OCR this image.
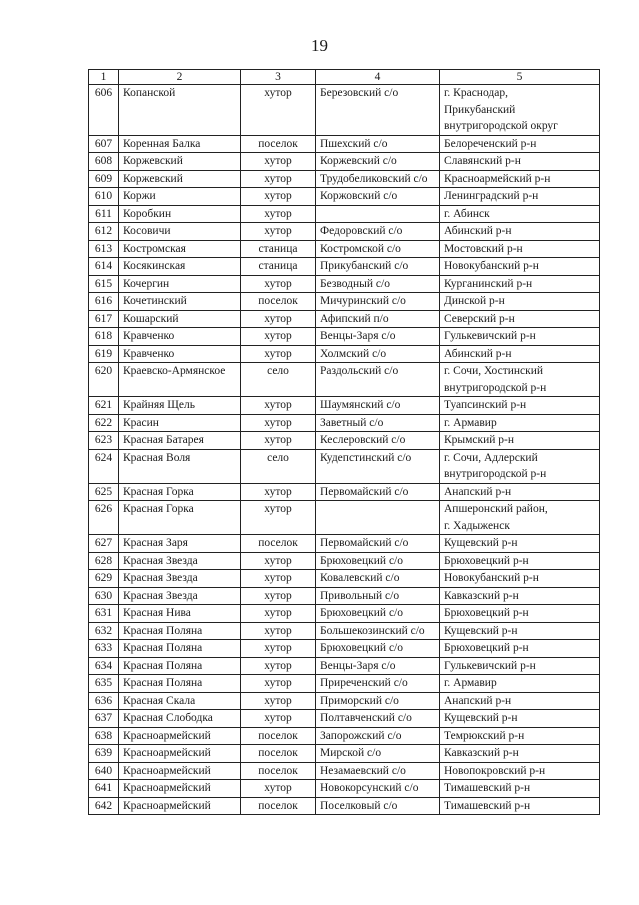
19
1	2	3	4	5
606	Копанской	хутор	Березовский с/о	г. Краснодар,
Прикубанский
внутригородской округ

607	Коренная Балка	поселок	Пшехский с/о	Белореченский р-н

608	Коржевский	хутор	Коржевский с/о	Славянский р-н

609	Коржевский	хутор	Трудобеликовский с/о	Красноармейский р-н

610	Коржи	хутор	Коржовский с/о	Ленинградский р-н

611	Коробкин	хутор		г. Абинск

612	Косовичи	хутор	Федоровский с/о	Абинский р-н

613	Костромская	станица	Костромской с/о	Мостовский р-н

614	Косякинская	станица	Прикубанский с/о	Новокубанский р-н

615	Кочергин	хутор	Безводный с/о	Курганинский р-н

616	Кочетинский	поселок	Мичуринский с/о	Динской р-н

617	Кошарский	хутор	Афипский п/о	Северский р-н

618	Кравченко	хутор	Венцы-Заря с/о	Гулькевичский р-н

619	Кравченко	хутор	Холмский с/о	Абинский р-н

620	Краевско-Армянское	село	Раздольский с/о	г. Сочи, Хостинский
внутригородской р-н

621	Крайняя Щель	хутор	Шаумянский с/о	Туапсинский р-н

622	Красин	хутор	Заветный с/о	г. Армавир

623	Красная Батарея	хутор	Кеслеровский с/о	Крымский р-н

624	Красная Воля	село	Кудепстинский с/о	г. Сочи, Адлерский
внутригородской р-н

625	Красная Горка	хутор	Первомайский с/о	Анапский р-н

626	Красная Горка	хутор		Апшеронский район,
г. Хадыженск

627	Красная Заря	поселок	Первомайский с/о	Кущевский р-н

628	Красная Звезда	хутор	Брюховецкий с/о	Брюховецкий р-н

629	Красная Звезда	хутор	Ковалевский с/о	Новокубанский р-н

630	Красная Звезда	хутор	Привольный с/о	Кавказский р-н

631	Красная Нива	хутор	Брюховецкий с/о	Брюховецкий р-н

632	Красная Поляна	хутор	Большекозинский с/о	Кущевский р-н

633	Красная Поляна	хутор	Брюховецкий с/о	Брюховецкий р-н

634	Красная Поляна	хутор	Венцы-Заря с/о	Гулькевичский р-н

635	Красная Поляна	хутор	Приреченский с/о	г. Армавир

636	Красная Скала	хутор	Приморский с/о	Анапский р-н

637	Красная Слободка	хутор	Полтавченский с/о	Кущевский р-н

638	Красноармейский	поселок	Запорожский с/о	Темрюкский р-н

639	Красноармейский	поселок	Мирской с/о	Кавказский р-н

640	Красноармейский	поселок	Незамаевский с/о	Новопокровский р-н

641	Красноармейский	хутор	Новокорсунский с/о	Тимашевский р-н

642	Красноармейский	поселок	Поселковый с/о	Тимашевский р-н
